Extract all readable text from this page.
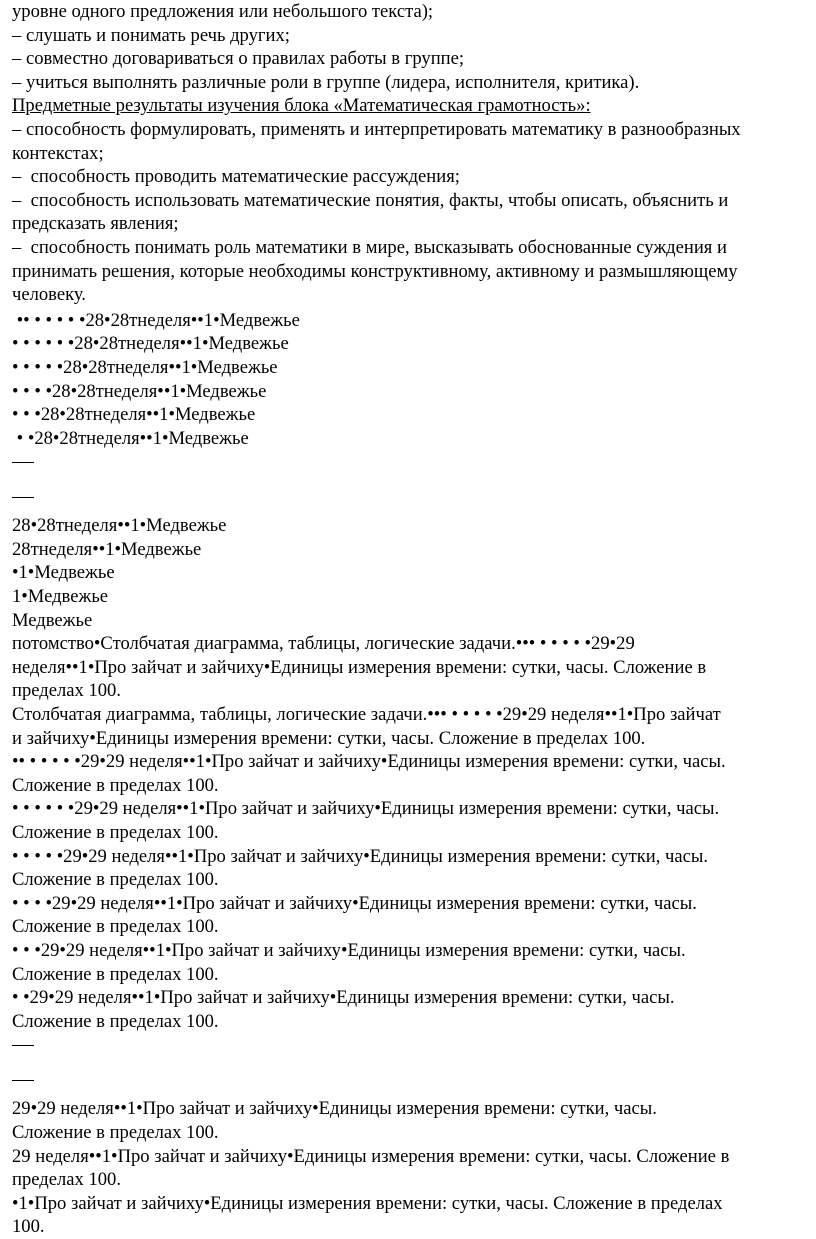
уровне одного предложения или небольшого текста);

– слушать и понимать речь других;

– совместно договариваться о правилах работы в группе;

– учиться выполнять различные роли в группе (лидера, исполнителя, критика).

Предметные результаты изучения блока «Математическая грамотность»:

– способность формулировать, применять и интерпретировать математику в разнообразных

контекстах;

–  способность проводить математические рассуждения;

–  способность использовать математические понятия, факты, чтобы описать, объяснить и

предсказать явления;

–  способность понимать роль математики в мире, высказывать обоснованные суждения и

принимать решения, которые необходимы конструктивному, активному и размышляющему

человеку.

•• • • • • •28•28тнеделя••1•Медвежье

• • • • • •28•28тнеделя••1•Медвежье

• • • • •28•28тнеделя••1•Медвежье

• • • •28•28тнеделя••1•Медвежье

• • •28•28тнеделя••1•Медвежье

• •28•28тнеделя••1•Медвежье

28•28тнеделя••1•Медвежье

28тнеделя••1•Медвежье

•1•Медвежье

1•Медвежье

Медвежье

потомство•Столбчатая диаграмма, таблицы, логические задачи.••• • • • • •29•29

неделя••1•Про зайчат и зайчиху•Единицы измерения времени: сутки, часы. Сложение в

пределах 100.

Столбчатая диаграмма, таблицы, логические задачи.••• • • • • •29•29 неделя••1•Про зайчат

и зайчиху•Единицы измерения времени: сутки, часы. Сложение в пределах 100.

•• • • • • •29•29 неделя••1•Про зайчат и зайчиху•Единицы измерения времени: сутки, часы.

Сложение в пределах 100.

• • • • • •29•29 неделя••1•Про зайчат и зайчиху•Единицы измерения времени: сутки, часы.

Сложение в пределах 100.

• • • • •29•29 неделя••1•Про зайчат и зайчиху•Единицы измерения времени: сутки, часы.

Сложение в пределах 100.

• • • •29•29 неделя••1•Про зайчат и зайчиху•Единицы измерения времени: сутки, часы.

Сложение в пределах 100.

• • •29•29 неделя••1•Про зайчат и зайчиху•Единицы измерения времени: сутки, часы.

Сложение в пределах 100.

• •29•29 неделя••1•Про зайчат и зайчиху•Единицы измерения времени: сутки, часы.

Сложение в пределах 100.

29•29 неделя••1•Про зайчат и зайчиху•Единицы измерения времени: сутки, часы.

Сложение в пределах 100.

29 неделя••1•Про зайчат и зайчиху•Единицы измерения времени: сутки, часы. Сложение в

пределах 100.

•1•Про зайчат и зайчиху•Единицы измерения времени: сутки, часы. Сложение в пределах

100.
